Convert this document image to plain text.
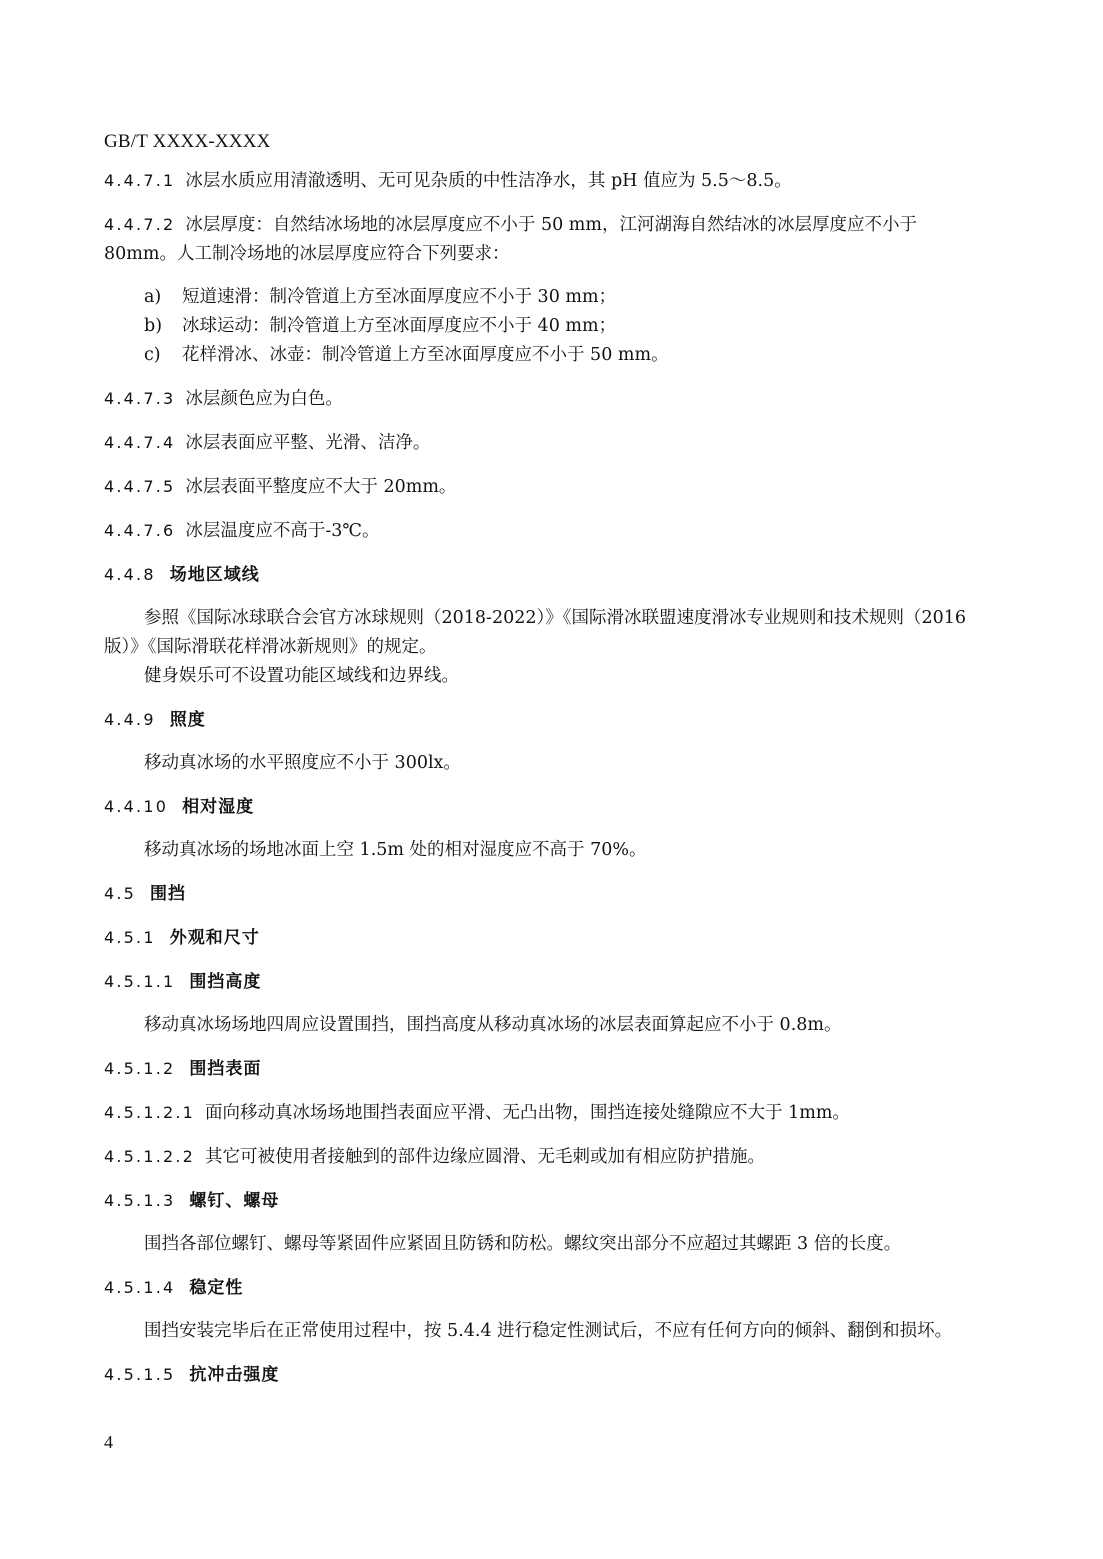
GB/T XXXX-XXXX

4.4.7.1 冰层水质应用清澈透明、无可见杂质的中性洁净水，其 pH 值应为 5.5～8.5。

4.4.7.2 冰层厚度：自然结冰场地的冰层厚度应不小于 50 mm，江河湖海自然结冰的冰层厚度应不小于 80mm。人工制冷场地的冰层厚度应符合下列要求：

a) 短道速滑：制冷管道上方至冰面厚度应不小于 30 mm；
b) 冰球运动：制冷管道上方至冰面厚度应不小于 40 mm；
c) 花样滑冰、冰壶：制冷管道上方至冰面厚度应不小于 50 mm。

4.4.7.3 冰层颜色应为白色。

4.4.7.4 冰层表面应平整、光滑、洁净。

4.4.7.5 冰层表面平整度应不大于 20mm。

4.4.7.6 冰层温度应不高于-3℃。

4.4.8 场地区域线

参照《国际冰球联合会官方冰球规则（2018-2022）》《国际滑冰联盟速度滑冰专业规则和技术规则（2016 版）》《国际滑联花样滑冰新规则》的规定。

健身娱乐可不设置功能区域线和边界线。

4.4.9 照度

移动真冰场的水平照度应不小于 300lx。

4.4.10 相对湿度

移动真冰场的场地冰面上空 1.5m 处的相对湿度应不高于 70%。

4.5 围挡

4.5.1 外观和尺寸

4.5.1.1 围挡高度

移动真冰场场地四周应设置围挡，围挡高度从移动真冰场的冰层表面算起应不小于 0.8m。

4.5.1.2 围挡表面

4.5.1.2.1 面向移动真冰场场地围挡表面应平滑、无凸出物，围挡连接处缝隙应不大于 1mm。

4.5.1.2.2 其它可被使用者接触到的部件边缘应圆滑、无毛刺或加有相应防护措施。

4.5.1.3 螺钉、螺母

围挡各部位螺钉、螺母等紧固件应紧固且防锈和防松。螺纹突出部分不应超过其螺距 3 倍的长度。

4.5.1.4 稳定性

围挡安装完毕后在正常使用过程中，按 5.4.4 进行稳定性测试后，不应有任何方向的倾斜、翻倒和损坏。

4.5.1.5 抗冲击强度

4
